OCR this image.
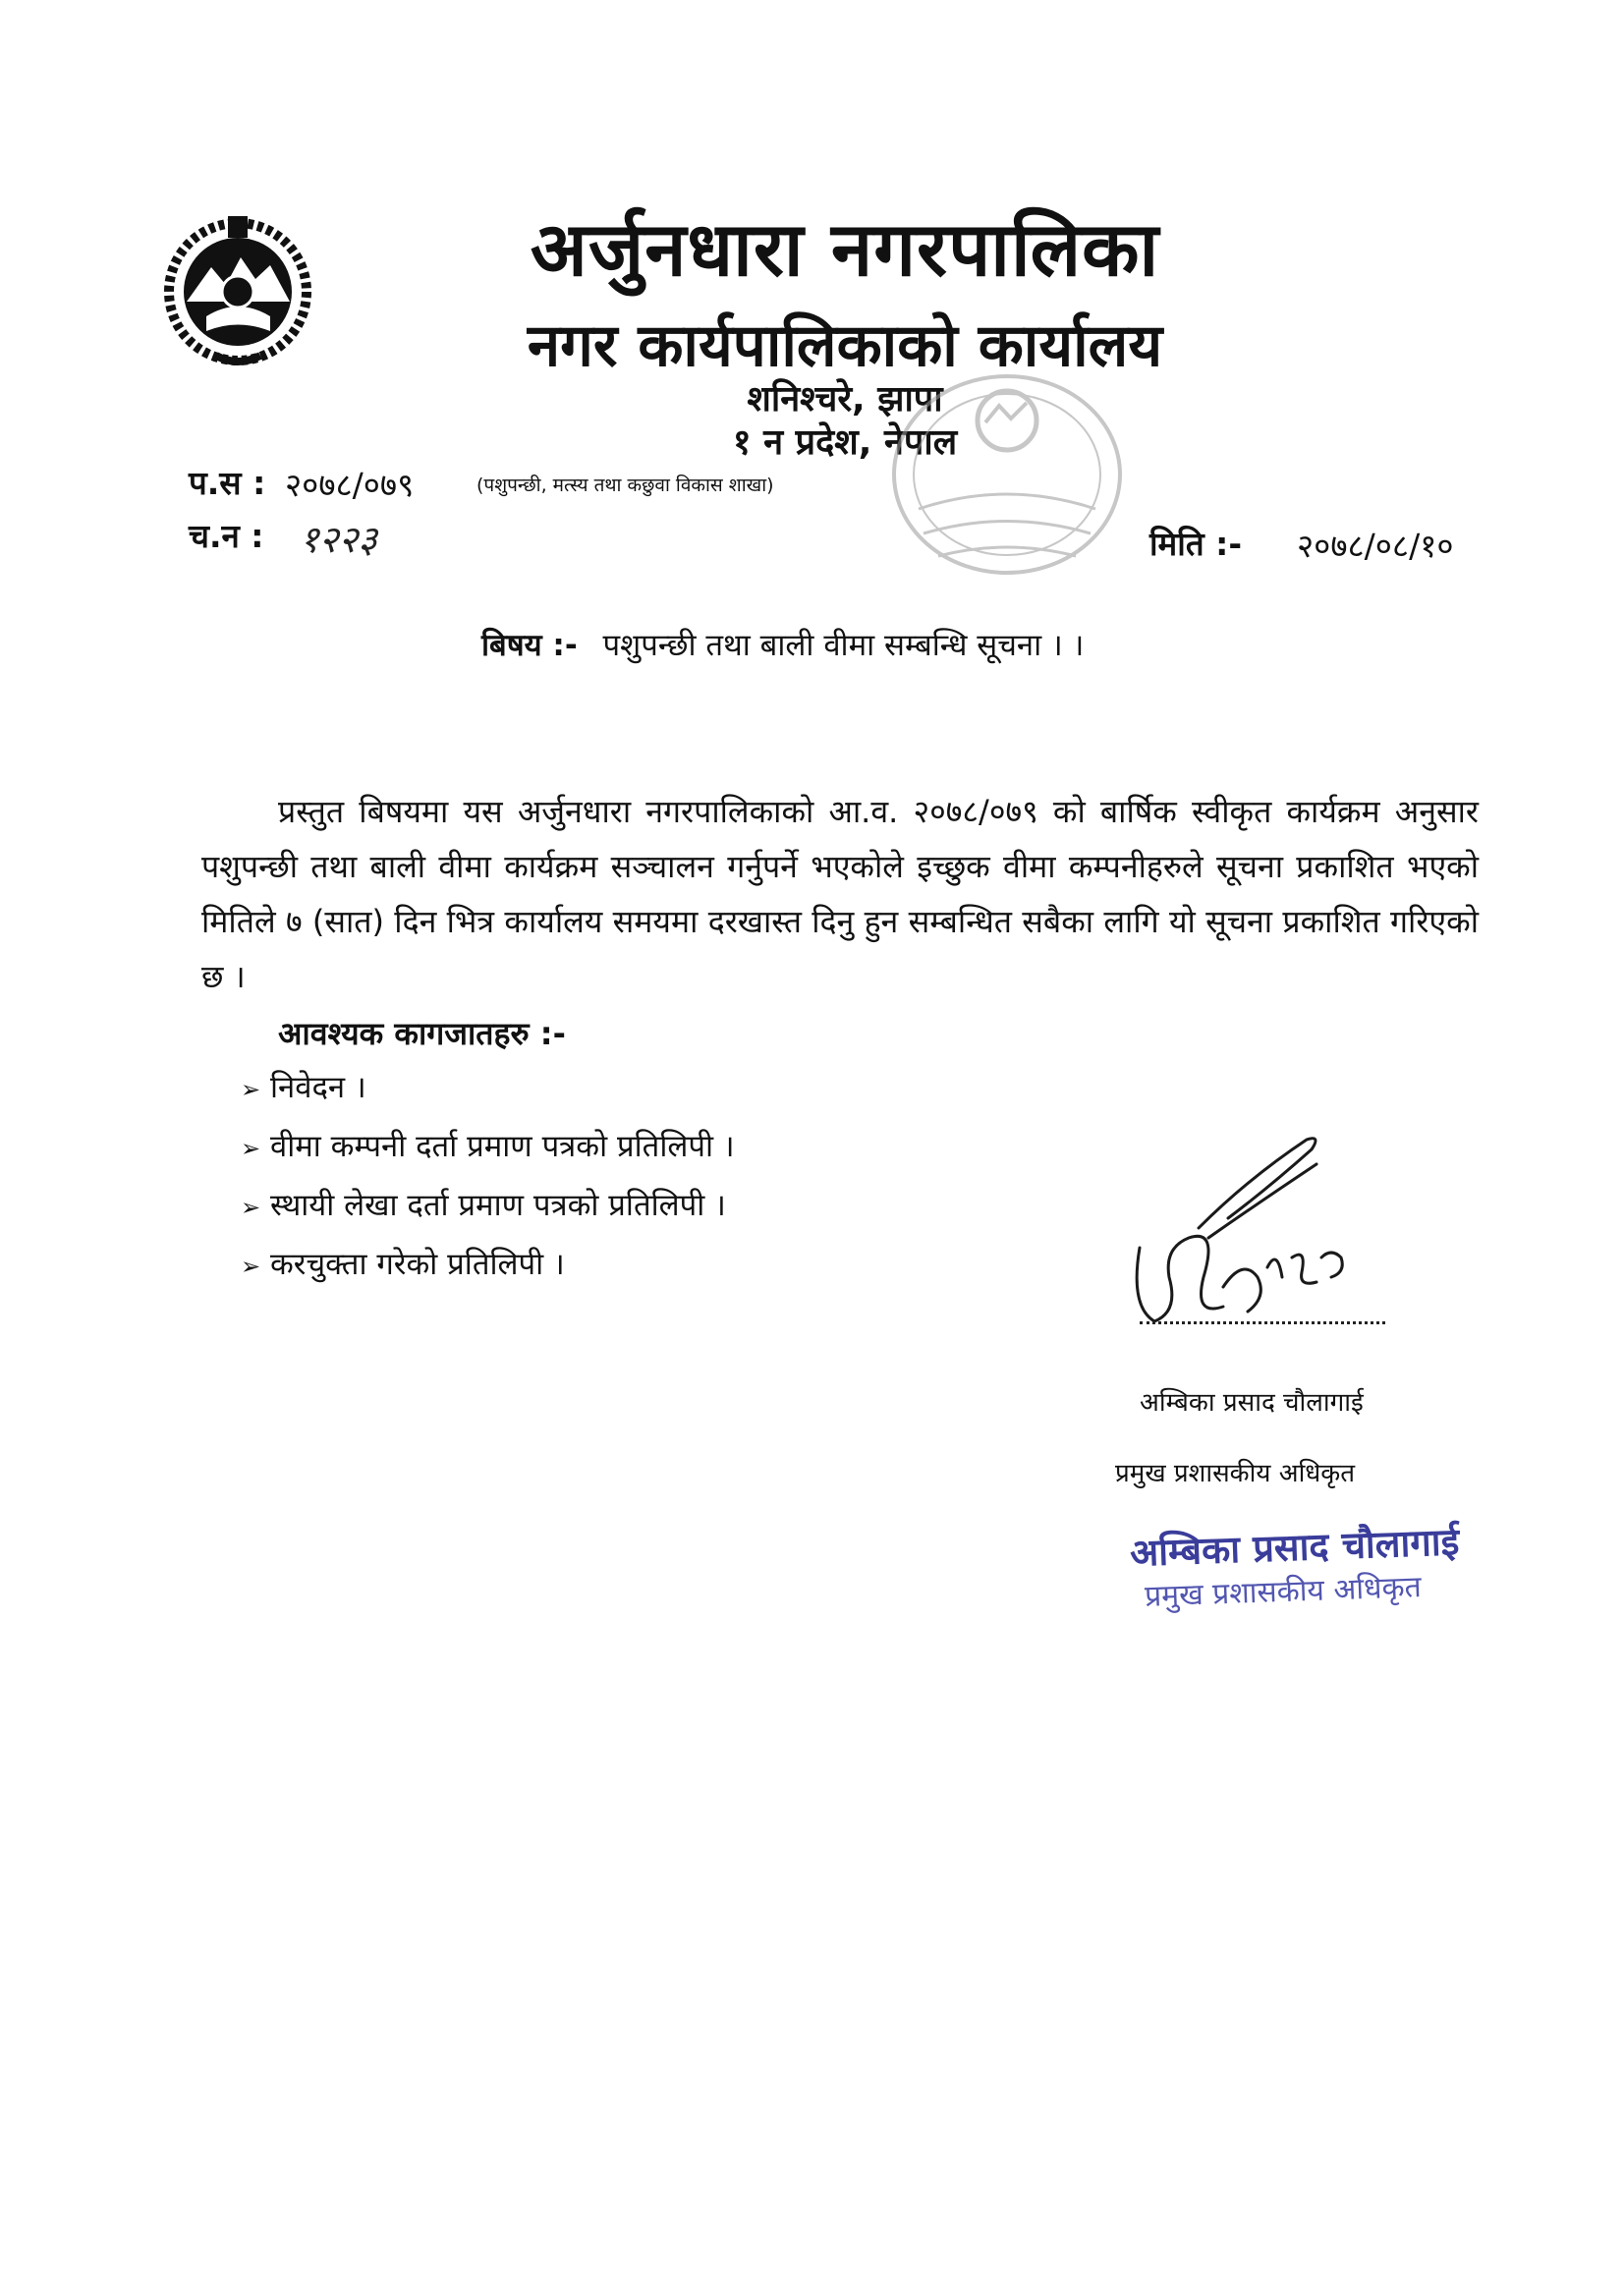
अर्जुनधारा नगरपालिका
नगर कार्यपालिकाको कार्यालय
शनिश्चरे, झापा
१ न प्रदेश, नेपाल
प.स : २०७८/०७९	(पशुपन्छी, मत्स्य तथा कछुवा विकास शाखा)
च.न : १२२३	मिति :- २०७८/०८/१०
बिषय :- पशुपन्छी तथा बाली वीमा सम्बन्धि सूचना । ।

प्रस्तुत बिषयमा यस अर्जुनधारा नगरपालिकाको आ.व. २०७८/०७९ को बार्षिक स्वीकृत कार्यक्रम अनुसार पशुपन्छी तथा बाली वीमा कार्यक्रम सञ्चालन गर्नुपर्ने भएकोले इच्छुक वीमा कम्पनीहरुले सूचना प्रकाशित भएको मितिले ७ (सात) दिन भित्र कार्यालय समयमा दरखास्त दिनु हुन सम्बन्धित सबैका लागि यो सूचना प्रकाशित गरिएको छ ।

आवश्यक कागजातहरु :-
➢ निवेदन ।
➢ वीमा कम्पनी दर्ता प्रमाण पत्रको प्रतिलिपी ।
➢ स्थायी लेखा दर्ता प्रमाण पत्रको प्रतिलिपी ।
➢ करचुक्ता गरेको प्रतिलिपी ।
अम्बिका प्रसाद चौलागाई
प्रमुख प्रशासकीय अधिकृत
अम्बिका प्रसाद चौलागाई
प्रमुख प्रशासकीय अधिकृत
